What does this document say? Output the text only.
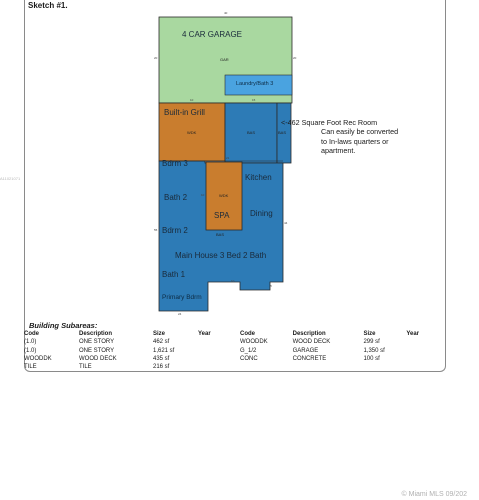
Sketch #1.
A11021071
4 CAR GARAGE
GAR
Laundry/Bath 3
Built-in Grill
WDK	BAS	BAS
Bdrm 3
Kitchen
WDK
Bath 2
Dining
SPA
Bdrm 2	BAS
Main House 3 Bed 2 Bath
Bath 1
Primary Bdrm
40
20	20
10	15
21
10
55
44
24
10
8
<-462 Square Foot Rec Room
Can easily be converted
to In-laws quarters or
apartment.
Building Subareas:
Code	Description	Size	Year
(1.0)	ONE STORY	462 sf	
(1.0)	ONE STORY	1,621 sf	
WOODDK	WOOD DECK	435 sf	
TILE	TILE	216 sf	
Code	Description	Size	Year
WOODDK	WOOD DECK	299 sf	
G_1/2	GARAGE	1,350 sf	
CONC	CONCRETE	100 sf	
© Miami MLS 09/202
